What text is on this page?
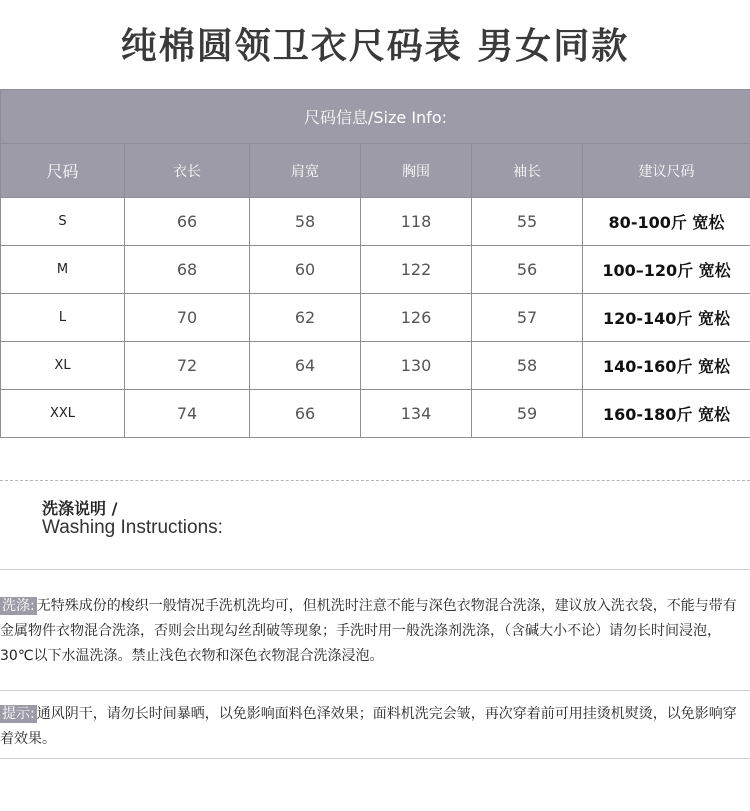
纯棉圆领卫衣尺码表 男女同款
尺码信息/Size Info:					
尺码	衣长	肩宽	胸围	袖长	建议尺码
S	66	58	118	55	80-100斤 宽松
M	68	60	122	56	100–120斤 宽松
L	70	62	126	57	120-140斤 宽松
XL	72	64	130	58	140-160斤 宽松
XXL	74	66	134	59	160-180斤 宽松
洗涤说明 /
Washing Instructions:
洗涤: 无特殊成份的梭织一般情况手洗机洗均可，但机洗时注意不能与深色衣物混合洗涤，建议放入洗衣袋，不能与带有金属物件衣物混合洗涤，否则会出现勾丝刮破等现象；手洗时用一般洗涤剂洗涤，（含碱大小不论）请勿长时间浸泡，30℃以下水温洗涤。禁止浅色衣物和深色衣物混合洗涤浸泡。
提示: 通风阴干，请勿长时间暴晒，以免影响面料色泽效果；面料机洗完会皱，再次穿着前可用挂烫机熨烫，以免影响穿着效果。
